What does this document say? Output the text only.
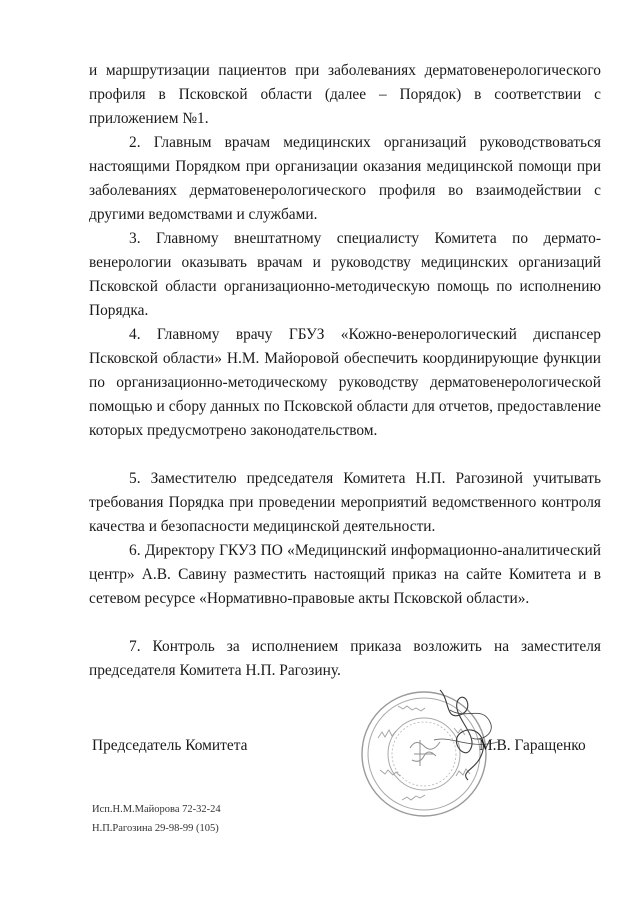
и маршрутизации пациентов при заболеваниях дерматовенерологического профиля в Псковской области (далее – Порядок) в соответствии с приложением №1.
2. Главным врачам медицинских организаций руководствоваться настоящими Порядком при организации оказания медицинской помощи при заболеваниях дерматовенерологического профиля во взаимодействии с другими ведомствами и службами.
3. Главному внештатному специалисту Комитета по дермато-венерологии оказывать врачам и руководству медицинских организаций Псковской области организационно-методическую помощь по исполнению Порядка.
4. Главному врачу ГБУЗ «Кожно-венерологический диспансер Псковской области» Н.М. Майоровой обеспечить координирующие функции по организационно-методическому руководству дерматовенерологической помощью и сбору данных по Псковской области для отчетов, предоставление которых предусмотрено законодательством.
5. Заместителю председателя Комитета Н.П. Рагозиной учитывать требования Порядка при проведении мероприятий ведомственного контроля качества и безопасности медицинской деятельности.
6. Директору ГКУЗ ПО «Медицинский информационно-аналитический центр» А.В. Савину разместить настоящий приказ на сайте Комитета и в сетевом ресурсе «Нормативно-правовые акты Псковской области».
7. Контроль за исполнением приказа возложить на заместителя председателя Комитета Н.П. Рагозину.
Председатель Комитета	М.В. Гаращенко
Исп.Н.М.Майорова 72-32-24
Н.П.Рагозина 29-98-99 (105)
